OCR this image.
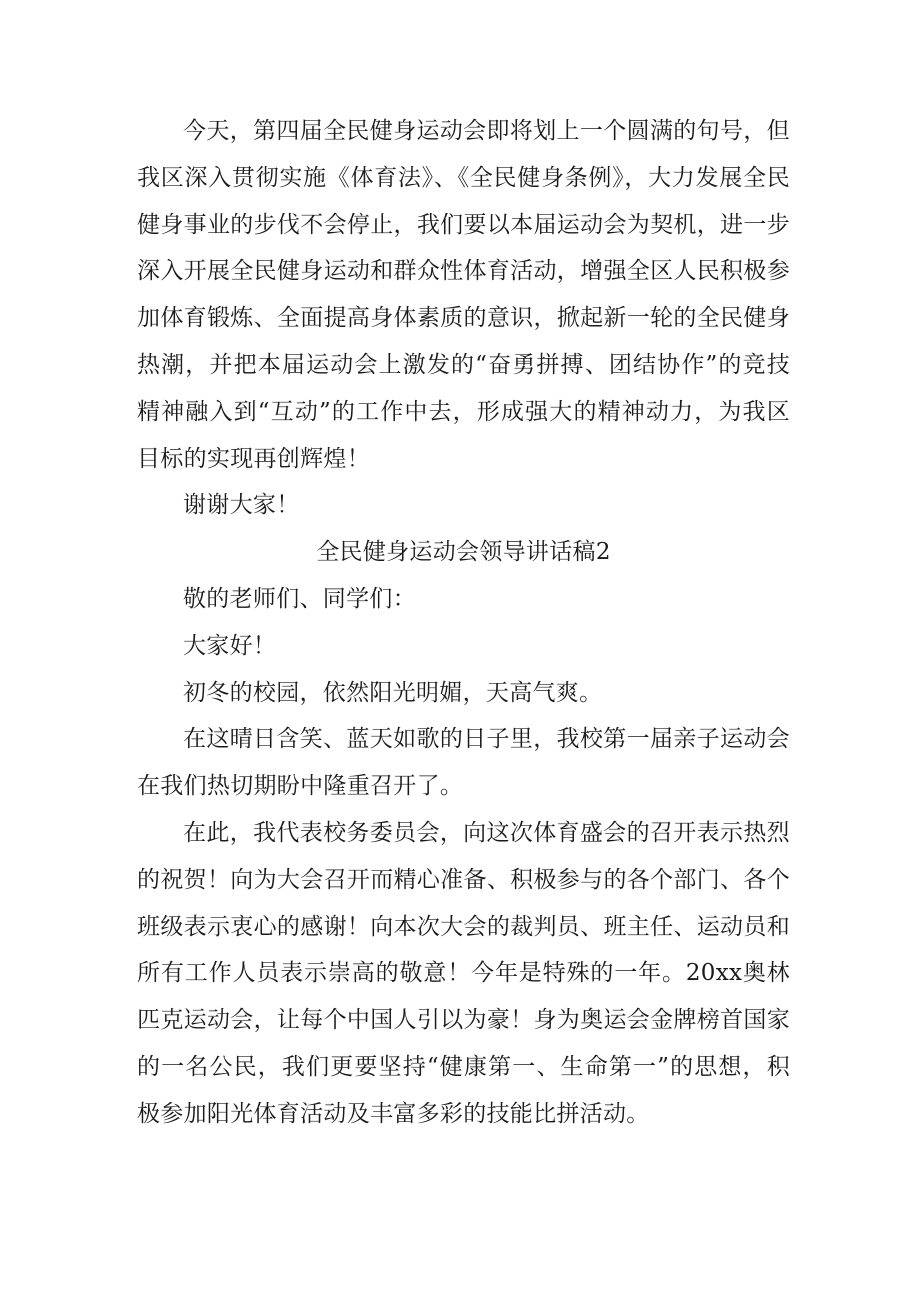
今天，第四届全民健身运动会即将划上一个圆满的句号，但我区深入贯彻实施《体育法》、《全民健身条例》，大力发展全民健身事业的步伐不会停止，我们要以本届运动会为契机，进一步深入开展全民健身运动和群众性体育活动，增强全区人民积极参加体育锻炼、全面提高身体素质的意识，掀起新一轮的全民健身热潮，并把本届运动会上激发的“奋勇拼搏、团结协作”的竞技精神融入到“互动”的工作中去，形成强大的精神动力，为我区目标的实现再创辉煌！

谢谢大家！

全民健身运动会领导讲话稿2

敬的老师们、同学们：

大家好！

初冬的校园，依然阳光明媚，天高气爽。

在这晴日含笑、蓝天如歌的日子里，我校第一届亲子运动会在我们热切期盼中隆重召开了。

在此，我代表校务委员会，向这次体育盛会的召开表示热烈的祝贺！向为大会召开而精心准备、积极参与的各个部门、各个班级表示衷心的感谢！向本次大会的裁判员、班主任、运动员和所有工作人员表示崇高的敬意！今年是特殊的一年。20xx奥林匹克运动会，让每个中国人引以为豪！身为奥运会金牌榜首国家的一名公民，我们更要坚持“健康第一、生命第一”的思想，积极参加阳光体育活动及丰富多彩的技能比拼活动。
